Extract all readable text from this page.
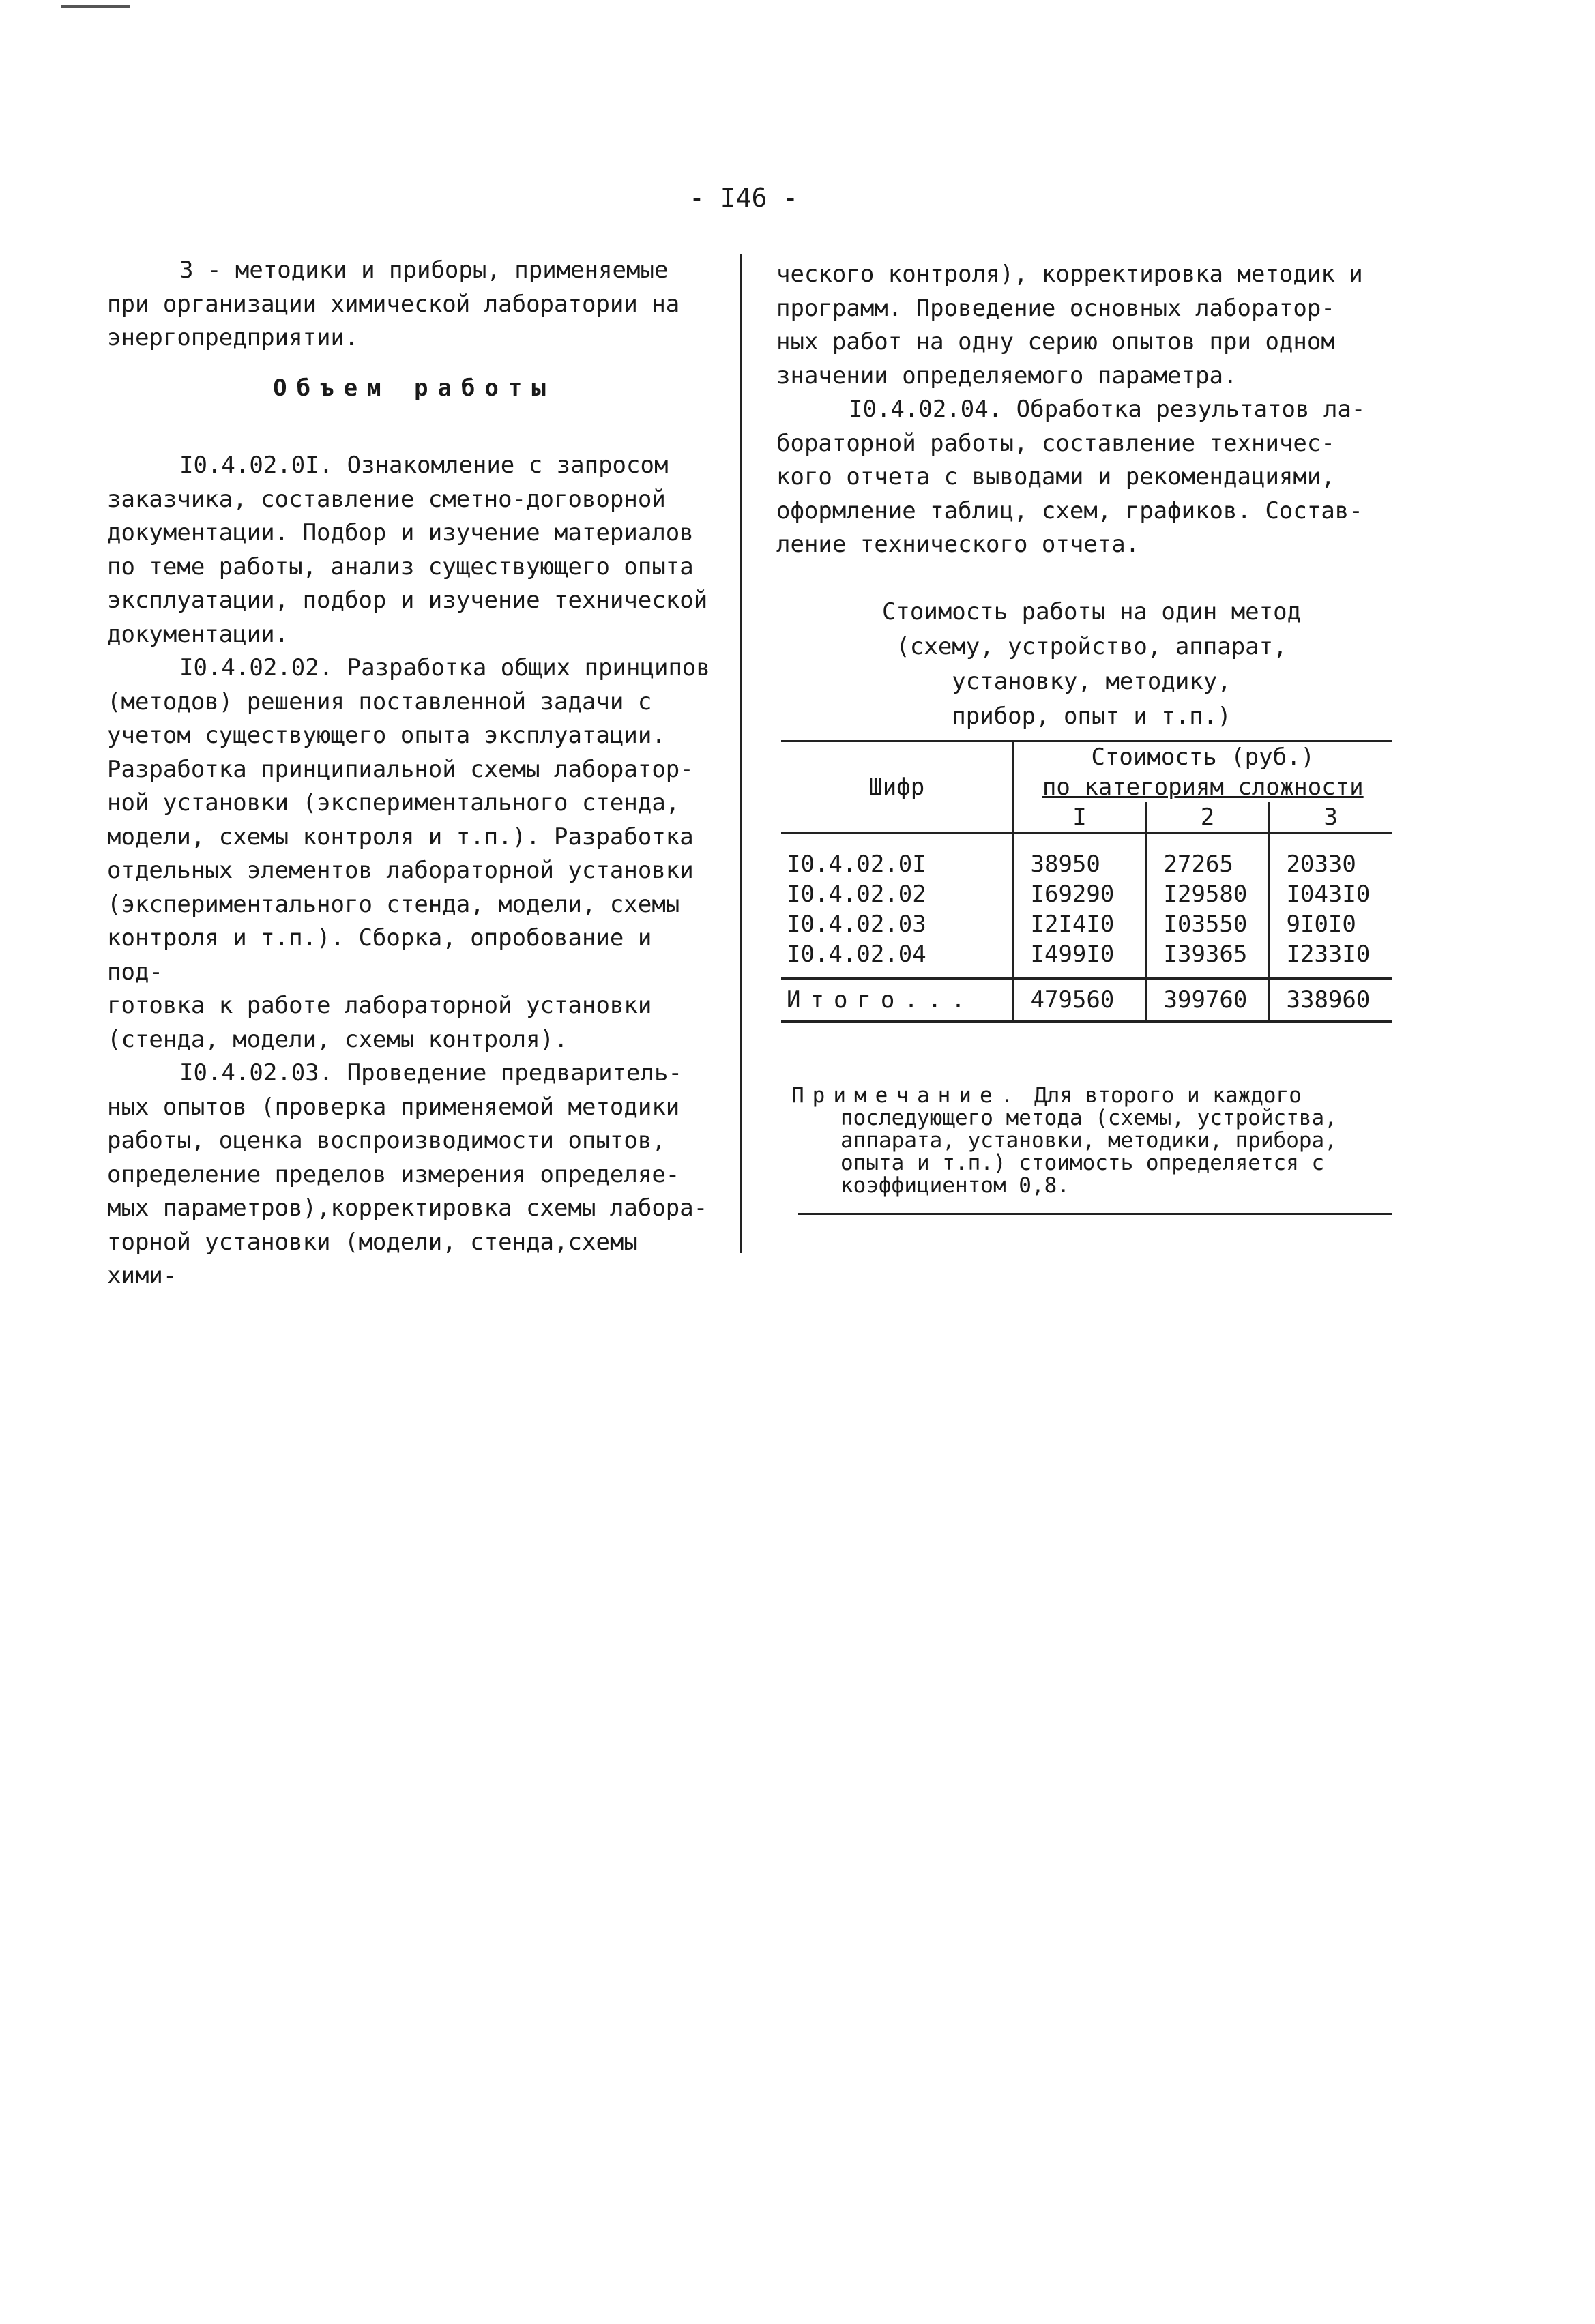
- I46 -

3 - методики и приборы, применяемые

при организации химической лаборатории на

энергопредприятии.

Объем работы

I0.4.02.0I. Ознакомление с запросом

заказчика, составление сметно-договорной

документации. Подбор и изучение материалов

по теме работы, анализ существующего опыта

эксплуатации, подбор и изучение технической

документации.

I0.4.02.02. Разработка общих принципов

(методов) решения поставленной задачи с

учетом существующего опыта эксплуатации.

Разработка принципиальной схемы лаборатор-

ной установки (экспериментального стенда,

модели, схемы контроля и т.п.). Разработка

отдельных элементов лабораторной установки

(экспериментального стенда, модели, схемы

контроля и т.п.). Сборка, опробование и под-

готовка к работе лабораторной установки

(стенда, модели, схемы контроля).

I0.4.02.03. Проведение предваритель-

ных опытов (проверка применяемой методики

работы, оценка воспроизводимости опытов,

определение пределов измерения определяе-

мых параметров),корректировка схемы лабора-

торной установки (модели, стенда,схемы хими-

ческого контроля), корректировка методик и

программ. Проведение основных лаборатор-

ных работ на одну серию опытов при одном

значении определяемого параметра.

I0.4.02.04. Обработка результатов ла-

бораторной работы, составление техничес-

кого отчета с выводами и рекомендациями,

оформление таблиц, схем, графиков. Состав-

ление технического отчета.

Стоимость работы на один метод

(схему, устройство, аппарат,

установку, методику,

прибор, опыт и т.п.)

Шифр	Стоимость (руб.)
по категориям сложности		

	I	2	3
I0.4.02.0I	38950	27265	20330
I0.4.02.02	I69290	I29580	I043I0
I0.4.02.03	I2I4I0	I03550	9I0I0
I0.4.02.04	I499I0	I39365	I233I0
Итого...	479560	399760	338960

Примечание. Для второго и каждого

последующего метода (схемы, устройства,

аппарата, установки, методики, прибора,

опыта и т.п.) стоимость определяется с

коэффициентом 0,8.
